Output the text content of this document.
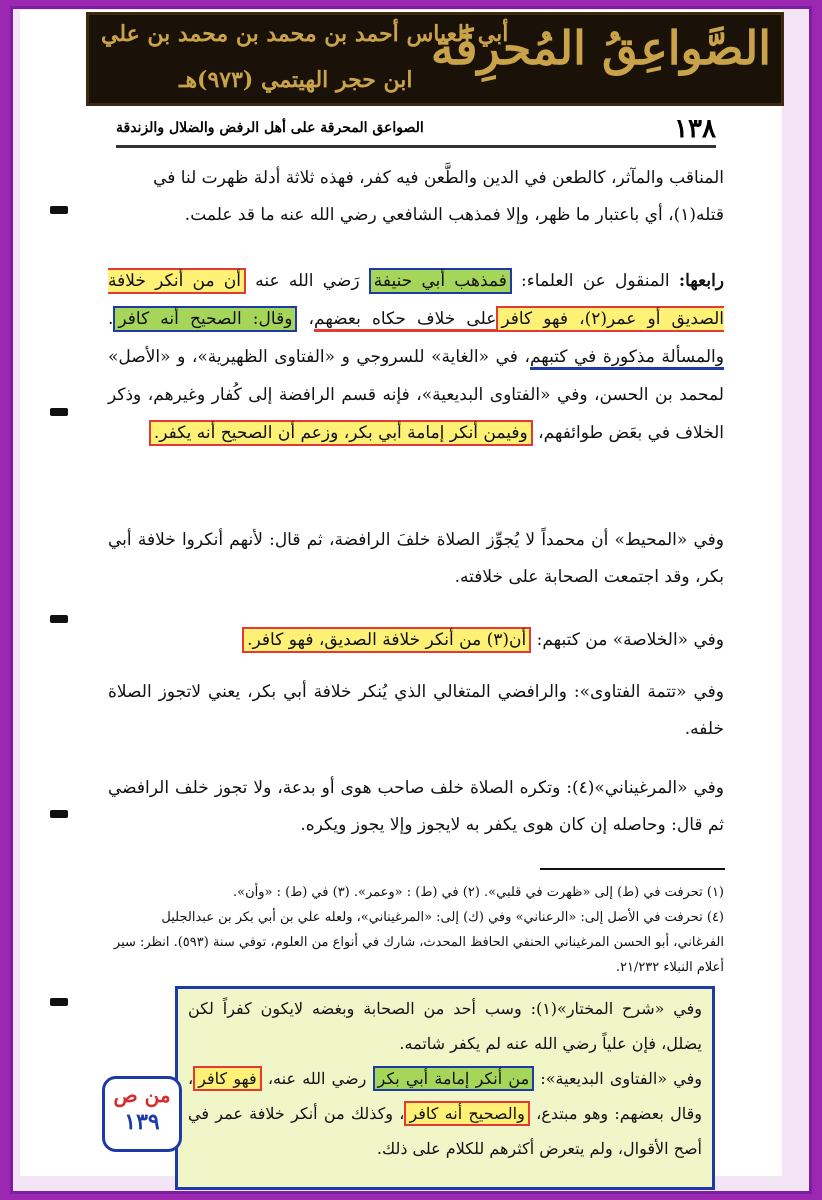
الصَّواعِقُ المُحرِقَة
أبي العباس أحمد بن محمد بن محمد بن علي
ابن حجر الهيتمي (٩٧٣)هـ
١٣٨
الصواعق المحرقة على أهل الرفض والضلال والزندقة
المناقب والمآثر، كالطعن في الدين والطَّعن فيه كفر، فهذه ثلاثة أدلة ظهرت لنا في
قتله(١)، أي باعتبار ما ظهر، وإلا فمذهب الشافعي رضي الله عنه ما قد علمت.
رابعها: المنقول عن العلماء: فمذهب أبي حنيفة رَضي الله عنه أن من أنكر خلافة الصديق أو عمر(٢)، فهو كافرعلى خلاف حكاه بعضهم، وقال: الصحيح أنه كافر. والمسألة مذكورة في كتبهم، في «الغاية» للسروجي و «الفتاوى الظهيرية»، و «الأصل» لمحمد بن الحسن، وفي «الفتاوى البديعية»، فإنه قسم الرافضة إلى كُفار وغيرهم، وذكر الخلاف في بعَض طوائفهم، وفيمن أنكر إمامة أبي بكر، وزعم أن الصحيح أنه يكفر.
وفي «المحيط» أن محمداً لا يُجوِّز الصلاة خلفَ الرافضة، ثم قال: لأنهم أنكروا خلافة أبي بكر، وقد اجتمعت الصحابة على خلافته.
وفي «الخلاصة» من كتبهم: أن(٣) من أنكر خلافة الصديق، فهو كافر.
وفي «تتمة الفتاوى»: والرافضي المتغالي الذي يُنكر خلافة أبي بكر، يعني لاتجوز الصلاة خلفه.
وفي «المرغيناني»(٤): وتكره الصلاة خلف صاحب هوى أو بدعة، ولا تجوز خلف الرافضي ثم قال: وحاصله إن كان هوى يكفر به لايجوز وإلا يجوز ويكره.
(١) تحرفت في (ط) إلى «ظهرت في قلبي». (٢) في (ط) : «وعمر». (٣) في (ط) : «وأن».
(٤) تحرفت في الأصل إلى: «الرعناني» وفي (ك) إلى: «المرغيناني»، ولعله علي بن أبي بكر بن عبدالجليل الفرغاني، أبو الحسن المرغيناني الحنفي الحافظ المحدث، شارك في أنواع من العلوم، توفي سنة (٥٩٣). انظر: سير أعلام النبلاء ٢١/٢٣٢.
وفي «شرح المختار»(١): وسب أحد من الصحابة وبغضه لايكون كفراً لكن يضلل، فإن علياً رضي الله عنه لم يكفر شاتمه.
وفي «الفتاوى البديعية»: من أنكر إمامة أبي بكر رضي الله عنه، فهو كافر، وقال بعضهم: وهو مبتدع، والصحيح أنه كافر، وكذلك من أنكر خلافة عمر في أصح الأقوال، ولم يتعرض أكثرهم للكلام على ذلك.
من ص
١٣٩
